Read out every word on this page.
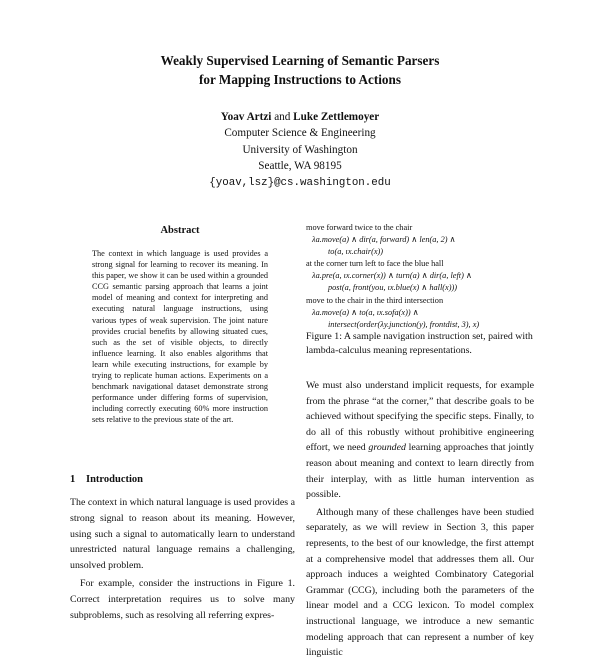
Weakly Supervised Learning of Semantic Parsers
for Mapping Instructions to Actions
Yoav Artzi and Luke Zettlemoyer
Computer Science & Engineering
University of Washington
Seattle, WA 98195
{yoav,lsz}@cs.washington.edu
Abstract
The context in which language is used provides a strong signal for learning to recover its meaning. In this paper, we show it can be used within a grounded CCG semantic parsing approach that learns a joint model of meaning and context for interpreting and executing natural language instructions, using various types of weak supervision. The joint nature provides crucial benefits by allowing situated cues, such as the set of visible objects, to directly influence learning. It also enables algorithms that learn while executing instructions, for example by trying to replicate human actions. Experiments on a benchmark navigational dataset demonstrate strong performance under differing forms of supervision, including correctly executing 60% more instruction sets relative to the previous state of the art.
1 Introduction

The context in which natural language is used provides a strong signal to reason about its meaning. However, using such a signal to automatically learn to understand unrestricted natural language remains a challenging, unsolved problem.

For example, consider the instructions in Figure 1. Correct interpretation requires us to solve many subproblems, such as resolving all referring expres-

move forward twice to the chair
λa.move(a) ∧ dir(a, forward) ∧ len(a, 2) ∧
to(a, ιx.chair(x))
at the corner turn left to face the blue hall
λa.pre(a, ιx.corner(x)) ∧ turn(a) ∧ dir(a, left) ∧
post(a, front(you, ιx.blue(x) ∧ hall(x)))
move to the chair in the third intersection
λa.move(a) ∧ to(a, ιx.sofa(x)) ∧
intersect(order(λy.junction(y), frontdist, 3), x)
Figure 1: A sample navigation instruction set, paired with lambda-calculus meaning representations.

We must also understand implicit requests, for example from the phrase “at the corner,” that describe goals to be achieved without specifying the specific steps. Finally, to do all of this robustly without prohibitive engineering effort, we need grounded learning approaches that jointly reason about meaning and context to learn directly from their interplay, with as little human intervention as possible.

Although many of these challenges have been studied separately, as we will review in Section 3, this paper represents, to the best of our knowledge, the first attempt at a comprehensive model that addresses them all. Our approach induces a weighted Combinatory Categorial Grammar (CCG), including both the parameters of the linear model and a CCG lexicon. To model complex instructional language, we introduce a new semantic modeling approach that can represent a number of key linguistic
